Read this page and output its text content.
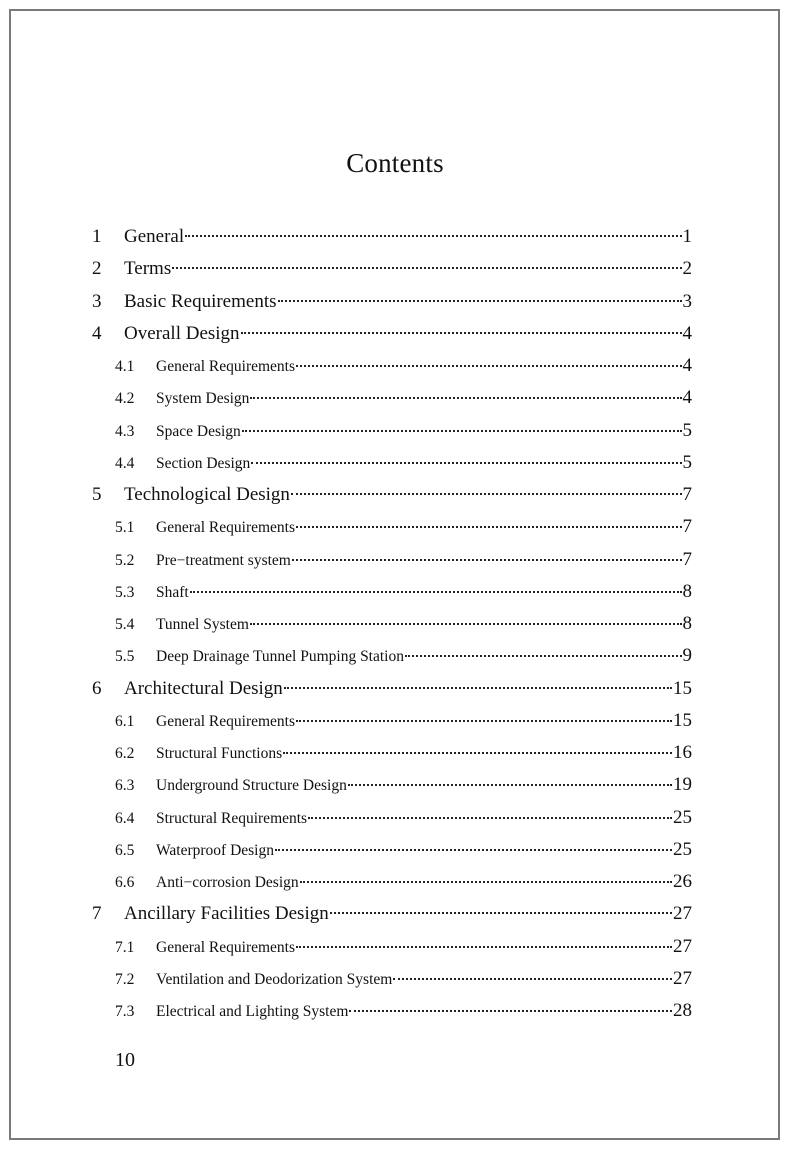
Contents
1	General	1
2	Terms	2
3	Basic Requirements	3
4	Overall Design	4
4.1	General Requirements	4
4.2	System Design	4
4.3	Space Design	5
4.4	Section Design	5
5	Technological Design	7
5.1	General Requirements	7
5.2	Pre−treatment system	7
5.3	Shaft	8
5.4	Tunnel System	8
5.5	Deep Drainage Tunnel Pumping Station	9
6	Architectural Design	15
6.1	General Requirements	15
6.2	Structural Functions	16
6.3	Underground Structure Design	19
6.4	Structural Requirements	25
6.5	Waterproof Design	25
6.6	Anti−corrosion Design	26
7	Ancillary Facilities Design	27
7.1	General Requirements	27
7.2	Ventilation and Deodorization System	27
7.3	Electrical and Lighting System	28
10
